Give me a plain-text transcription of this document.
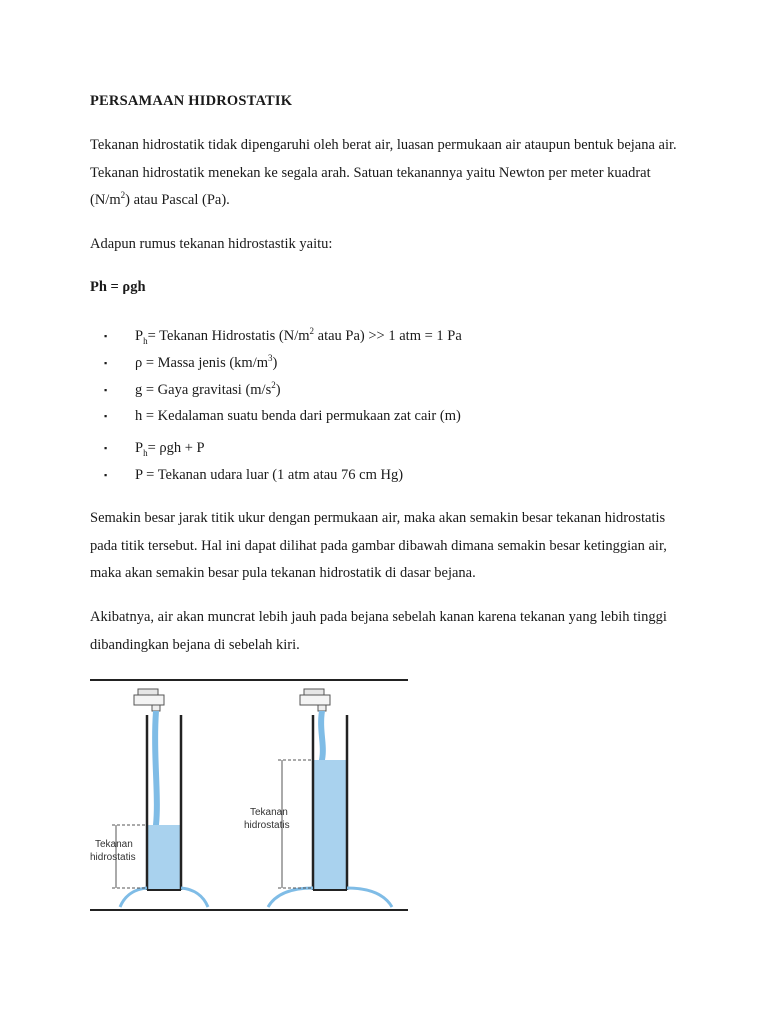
PERSAMAAN HIDROSTATIK
Tekanan hidrostatik tidak dipengaruhi oleh berat air, luasan permukaan air ataupun bentuk bejana air. Tekanan hidrostatik menekan ke segala arah. Satuan tekanannya yaitu Newton per meter kuadrat $(N/m^2)$ atau Pascal (Pa).
Adapun rumus tekanan hidrostastik yaitu:
Ph = ρgh
▪ $P_h=$ Tekanan Hidrostatis ($N/m^2$ atau Pa) >> 1 atm = 1 Pa
▪ ρ = Massa jenis $(km/m^3)$
▪ g = Gaya gravitasi $(m/s^2)$
▪ h = Kedalaman suatu benda dari permukaan zat cair (m)
▪ $P_h= \rho gh + P$
▪ P = Tekanan udara luar (1 atm atau 76 cm Hg)
Semakin besar jarak titik ukur dengan permukaan air, maka akan semakin besar tekanan hidrostatis pada titik tersebut. Hal ini dapat dilihat pada gambar dibawah dimana semakin besar ketinggian air, maka akan semakin besar pula tekanan hidrostatik di dasar bejana.
Akibatnya, air akan muncrat lebih jauh pada bejana sebelah kanan karena tekanan yang lebih tinggi dibandingkan bejana di sebelah kiri.
Tekanan
hidrostatis
Tekanan
hidrostatis
